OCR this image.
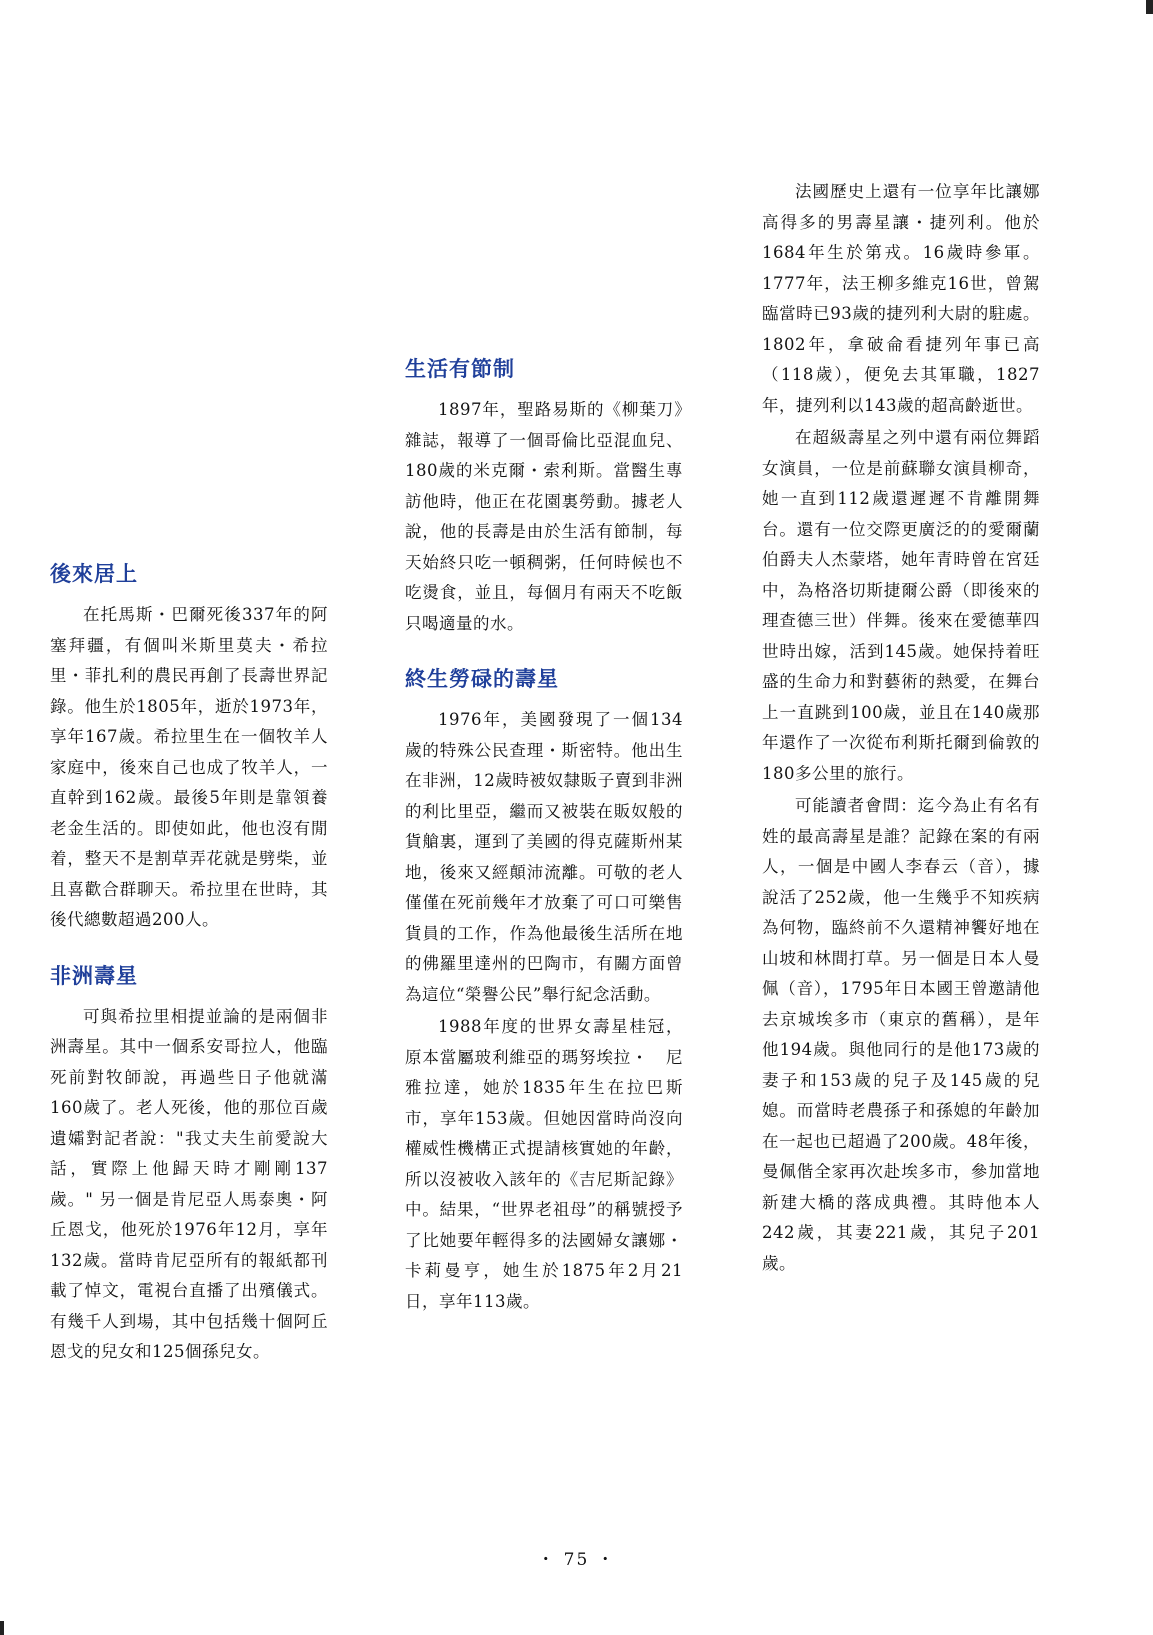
後來居上

在托馬斯・巴爾死後337年的阿塞拜疆，有個叫米斯里莫夫・希拉里・菲扎利的農民再創了長壽世界記錄。他生於1805年，逝於1973年，享年167歲。希拉里生在一個牧羊人家庭中，後來自己也成了牧羊人，一直幹到162歲。最後5年則是靠領養老金生活的。即使如此，他也沒有閒着，整天不是割草弄花就是劈柴，並且喜歡合群聊天。希拉里在世時，其後代總數超過200人。

非洲壽星

可與希拉里相提並論的是兩個非洲壽星。其中一個系安哥拉人，他臨死前對牧師說，再過些日子他就滿160歲了。老人死後，他的那位百歲遺孀對記者說："我丈夫生前愛說大話，實際上他歸天時才剛剛137歲。" 另一個是肯尼亞人馬泰奧・阿丘恩戈，他死於1976年12月，享年132歲。當時肯尼亞所有的報紙都刊載了悼文，電視台直播了出殯儀式。有幾千人到場，其中包括幾十個阿丘恩戈的兒女和125個孫兒女。

生活有節制

1897年，聖路易斯的《柳葉刀》雜誌，報導了一個哥倫比亞混血兒、180歲的米克爾・索利斯。當醫生專訪他時，他正在花園裏勞動。據老人說，他的長壽是由於生活有節制，每天始終只吃一頓稠粥，任何時候也不吃燙食，並且，每個月有兩天不吃飯只喝適量的水。

終生勞碌的壽星

1976年，美國發現了一個134歲的特殊公民查理・斯密特。他出生在非洲，12歲時被奴隸販子賣到非洲的利比里亞，繼而又被裝在販奴般的貨艙裏，運到了美國的得克薩斯州某地，後來又經顛沛流離。可敬的老人僅僅在死前幾年才放棄了可口可樂售貨員的工作，作為他最後生活所在地的佛羅里達州的巴陶市，有關方面曾為這位“榮譽公民”舉行紀念活動。

1988年度的世界女壽星桂冠，原本當屬玻利維亞的瑪努埃拉・　尼雅拉達，她於1835年生在拉巴斯市，享年153歲。但她因當時尚沒向權威性機構正式提請核實她的年齡，所以沒被收入該年的《吉尼斯記錄》中。結果，“世界老祖母”的稱號授予了比她要年輕得多的法國婦女讓娜・卡莉曼亨，她生於1875年2月21日，享年113歲。

法國歷史上還有一位享年比讓娜高得多的男壽星讓・捷列利。他於1684年生於第戎。16歲時參軍。1777年，法王柳多維克16世，曾駕臨當時已93歲的捷列利大尉的駐處。1802年，拿破侖看捷列年事已高（118歲），便免去其軍職，1827年，捷列利以143歲的超高齡逝世。

在超級壽星之列中還有兩位舞蹈女演員，一位是前蘇聯女演員柳奇，她一直到112歲還遲遲不肯離開舞台。還有一位交際更廣泛的的愛爾蘭伯爵夫人杰蒙塔，她年青時曾在宮廷中，為格洛切斯捷爾公爵（即後來的理查德三世）伴舞。後來在愛德華四世時出嫁，活到145歲。她保持着旺盛的生命力和對藝術的熱愛，在舞台上一直跳到100歲，並且在140歲那年還作了一次從布利斯托爾到倫敦的180多公里的旅行。

可能讀者會問：迄今為止有名有姓的最高壽星是誰？記錄在案的有兩人，一個是中國人李春云（音），據說活了252歲，他一生幾乎不知疾病為何物，臨終前不久還精神饗好地在山坡和林間打草。另一個是日本人曼佩（音），1795年日本國王曾邀請他去京城埃多市（東京的舊稱），是年他194歲。與他同行的是他173歲的妻子和153歲的兒子及145歲的兒媳。而當時老農孫子和孫媳的年齡加在一起也已超過了200歲。48年後，曼佩偕全家再次赴埃多市，參加當地新建大橋的落成典禮。其時他本人242歲，其妻221歲，其兒子201歲。

・ 75 ・
